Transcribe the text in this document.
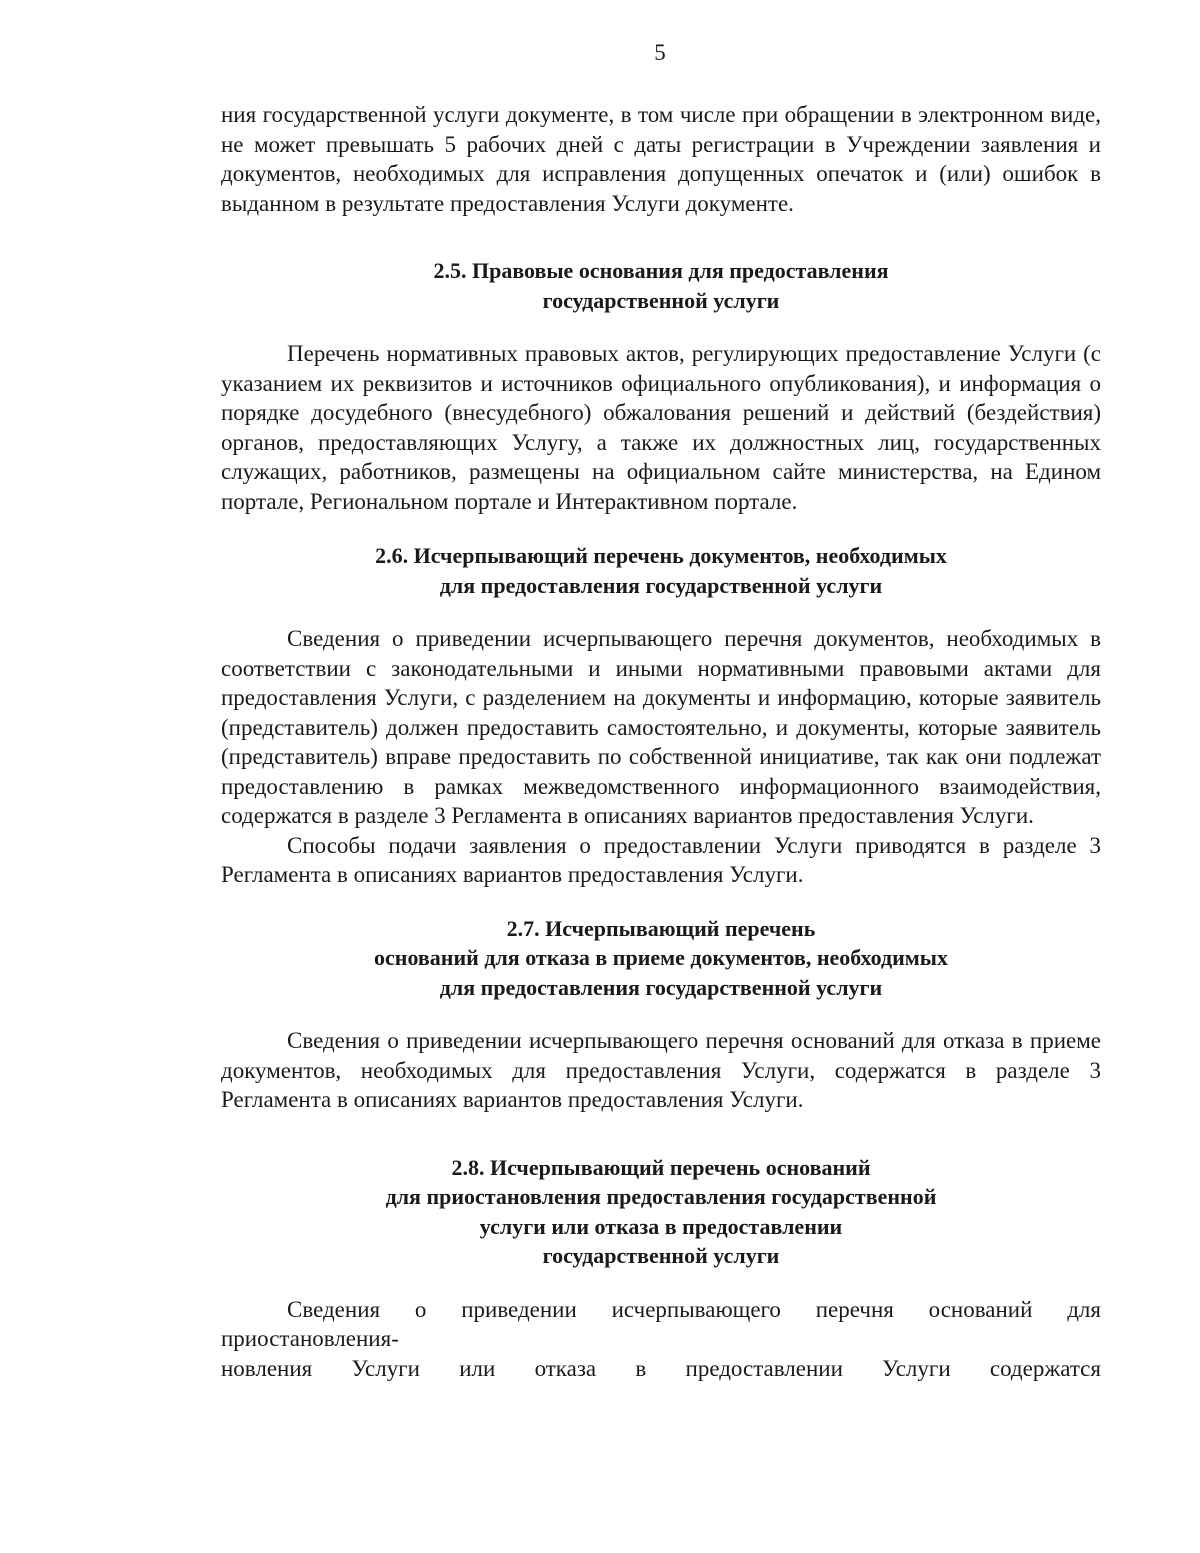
5

ния государственной услуги документе, в том числе при обращении в электронном виде, не может превышать 5 рабочих дней с даты регистрации в Учреждении заявления и документов, необходимых для исправления допущенных опечаток и (или) ошибок в выданном в результате предоставления Услуги документе.

2.5. Правовые основания для предоставления
государственной услуги

Перечень нормативных правовых актов, регулирующих предоставление Услуги (с указанием их реквизитов и источников официального опубликования), и информация о порядке досудебного (внесудебного) обжалования решений и действий (бездействия) органов, предоставляющих Услугу, а также их должностных лиц, государственных служащих, работников, размещены на официальном сайте министерства, на Едином портале, Региональном портале и Интерактивном портале.

2.6. Исчерпывающий перечень документов, необходимых
для предоставления государственной услуги

Сведения о приведении исчерпывающего перечня документов, необходимых в соответствии с законодательными и иными нормативными правовыми актами для предоставления Услуги, с разделением на документы и информацию, которые заявитель (представитель) должен предоставить самостоятельно, и документы, которые заявитель (представитель) вправе предоставить по собственной инициативе, так как они подлежат предоставлению в рамках межведомственного информационного взаимодействия, содержатся в разделе 3 Регламента в описаниях вариантов предоставления Услуги.

Способы подачи заявления о предоставлении Услуги приводятся в разделе 3 Регламента в описаниях вариантов предоставления Услуги.

2.7. Исчерпывающий перечень
оснований для отказа в приеме документов, необходимых
для предоставления государственной услуги

Сведения о приведении исчерпывающего перечня оснований для отказа в приеме документов, необходимых для предоставления Услуги, содержатся в разделе 3 Регламента в описаниях вариантов предоставления Услуги.

2.8. Исчерпывающий перечень оснований
для приостановления предоставления государственной
услуги или отказа в предоставлении
государственной услуги

Сведения о приведении исчерпывающего перечня оснований для приостановления-

новления Услуги или отказа в предоставлении Услуги содержатся
